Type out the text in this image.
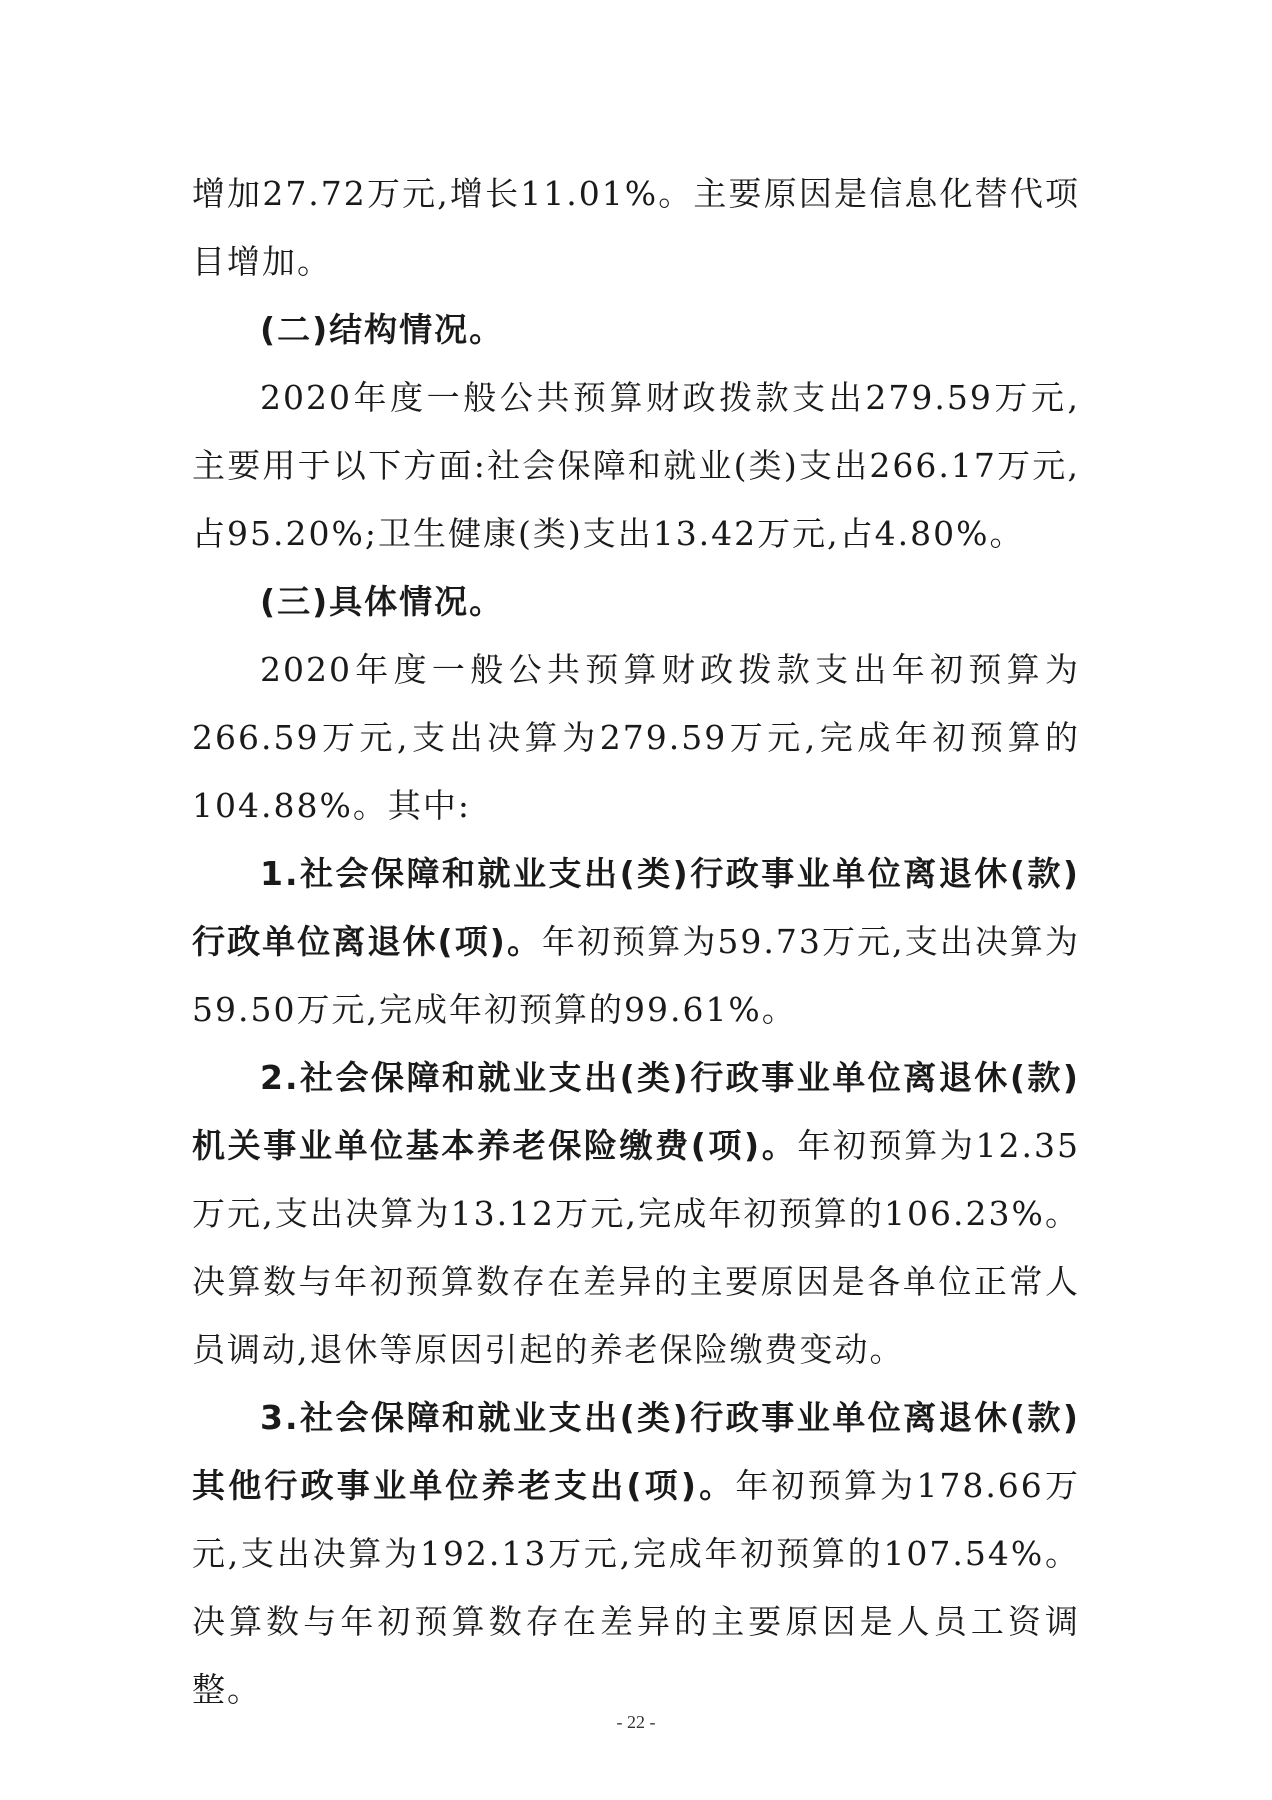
增加27.72万元,增长11.01%。主要原因是信息化替代项目增加。

(二)结构情况。

2020年度一般公共预算财政拨款支出279.59万元,主要用于以下方面:社会保障和就业(类)支出266.17万元,占95.20%;卫生健康(类)支出13.42万元,占4.80%。

(三)具体情况。

2020年度一般公共预算财政拨款支出年初预算为266.59万元,支出决算为279.59万元,完成年初预算的104.88%。其中:

1.社会保障和就业支出(类)行政事业单位离退休(款)行政单位离退休(项)。年初预算为59.73万元,支出决算为59.50万元,完成年初预算的99.61%。

2.社会保障和就业支出(类)行政事业单位离退休(款)机关事业单位基本养老保险缴费(项)。年初预算为12.35万元,支出决算为13.12万元,完成年初预算的106.23%。决算数与年初预算数存在差异的主要原因是各单位正常人员调动,退休等原因引起的养老保险缴费变动。

3.社会保障和就业支出(类)行政事业单位离退休(款)其他行政事业单位养老支出(项)。年初预算为178.66万元,支出决算为192.13万元,完成年初预算的107.54%。决算数与年初预算数存在差异的主要原因是人员工资调整。

- 22 -
